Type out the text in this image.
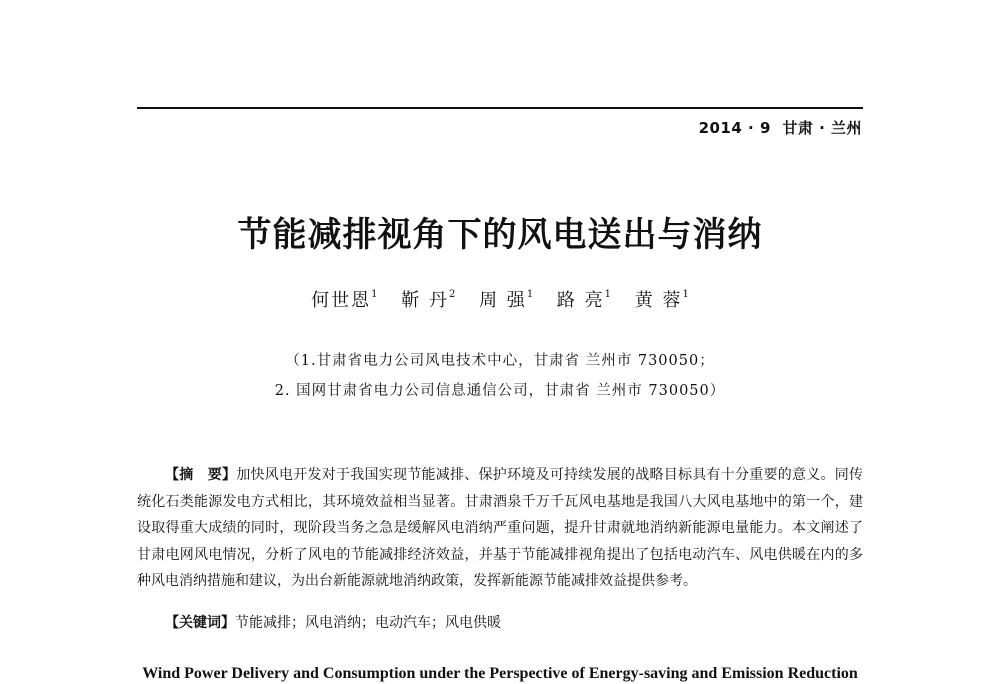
2014 · 9 甘肃 · 兰州
节能减排视角下的风电送出与消纳
何世恩$^1$ 靳 丹$^2$ 周 强$^1$ 路 亮$^1$ 黄 蓉$^1$
（1.甘肃省电力公司风电技术中心，甘肃省 兰州市 730050；
2. 国网甘肃省电力公司信息通信公司，甘肃省 兰州市 730050）
【摘　要】加快风电开发对于我国实现节能减排、保护环境及可持续发展的战略目标具有十分重要的意义。同传统化石类能源发电方式相比，其环境效益相当显著。甘肃酒泉千万千瓦风电基地是我国八大风电基地中的第一个，建设取得重大成绩的同时，现阶段当务之急是缓解风电消纳严重问题，提升甘肃就地消纳新能源电量能力。本文阐述了甘肃电网风电情况，分析了风电的节能减排经济效益，并基于节能减排视角提出了包括电动汽车、风电供暖在内的多种风电消纳措施和建议，为出台新能源就地消纳政策，发挥新能源节能减排效益提供参考。
【关键词】节能减排；风电消纳；电动汽车；风电供暖
Wind Power Delivery and Consumption under the Perspective of Energy-saving and Emission Reduction
